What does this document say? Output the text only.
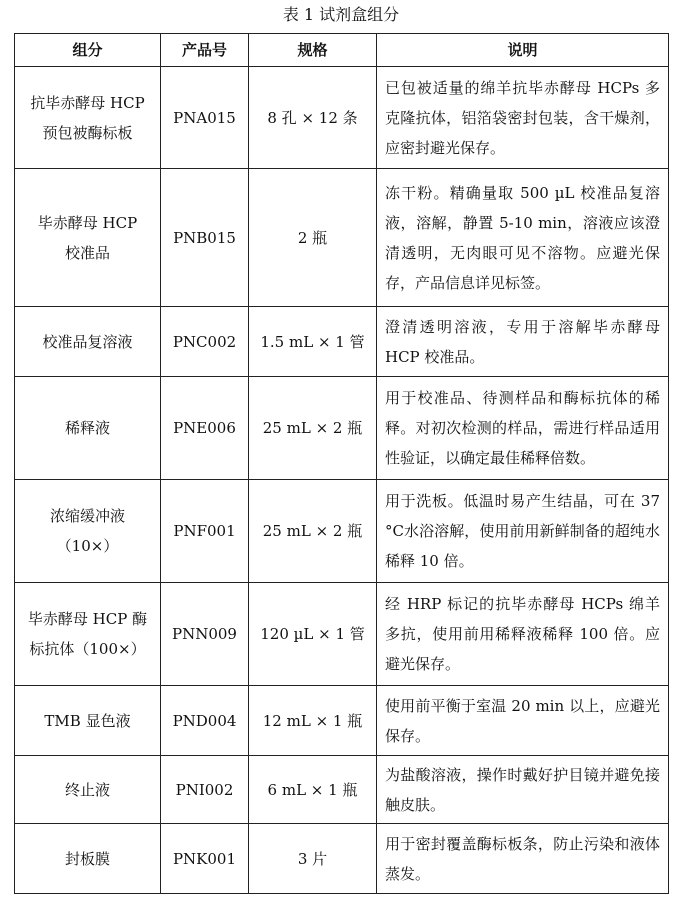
表 1 试剂盒组分
组分	产品号	规格	说明
抗毕赤酵母 HCP 预包被酶标板	PNA015	8 孔 × 12 条	已包被适量的绵羊抗毕赤酵母 HCPs 多克隆抗体，铝箔袋密封包装，含干燥剂，应密封避光保存。
毕赤酵母 HCP 校准品	PNB015	2 瓶	冻干粉。精确量取 500 µL 校准品复溶液，溶解，静置 5-10 min，溶液应该澄清透明，无肉眼可见不溶物。应避光保存，产品信息详见标签。
校准品复溶液	PNC002	1.5 mL × 1 管	澄清透明溶液，专用于溶解毕赤酵母 HCP 校准品。
稀释液	PNE006	25 mL × 2 瓶	用于校准品、待测样品和酶标抗体的稀释。对初次检测的样品，需进行样品适用性验证，以确定最佳稀释倍数。
浓缩缓冲液（10×）	PNF001	25 mL × 2 瓶	用于洗板。低温时易产生结晶，可在 37 °C水浴溶解，使用前用新鲜制备的超纯水稀释 10 倍。
毕赤酵母 HCP 酶标抗体（100×）	PNN009	120 µL × 1 管	经 HRP 标记的抗毕赤酵母 HCPs 绵羊多抗，使用前用稀释液稀释 100 倍。应避光保存。
TMB 显色液	PND004	12 mL × 1 瓶	使用前平衡于室温 20 min 以上，应避光保存。
终止液	PNI002	6 mL × 1 瓶	为盐酸溶液，操作时戴好护目镜并避免接触皮肤。
封板膜	PNK001	3 片	用于密封覆盖酶标板条，防止污染和液体蒸发。
